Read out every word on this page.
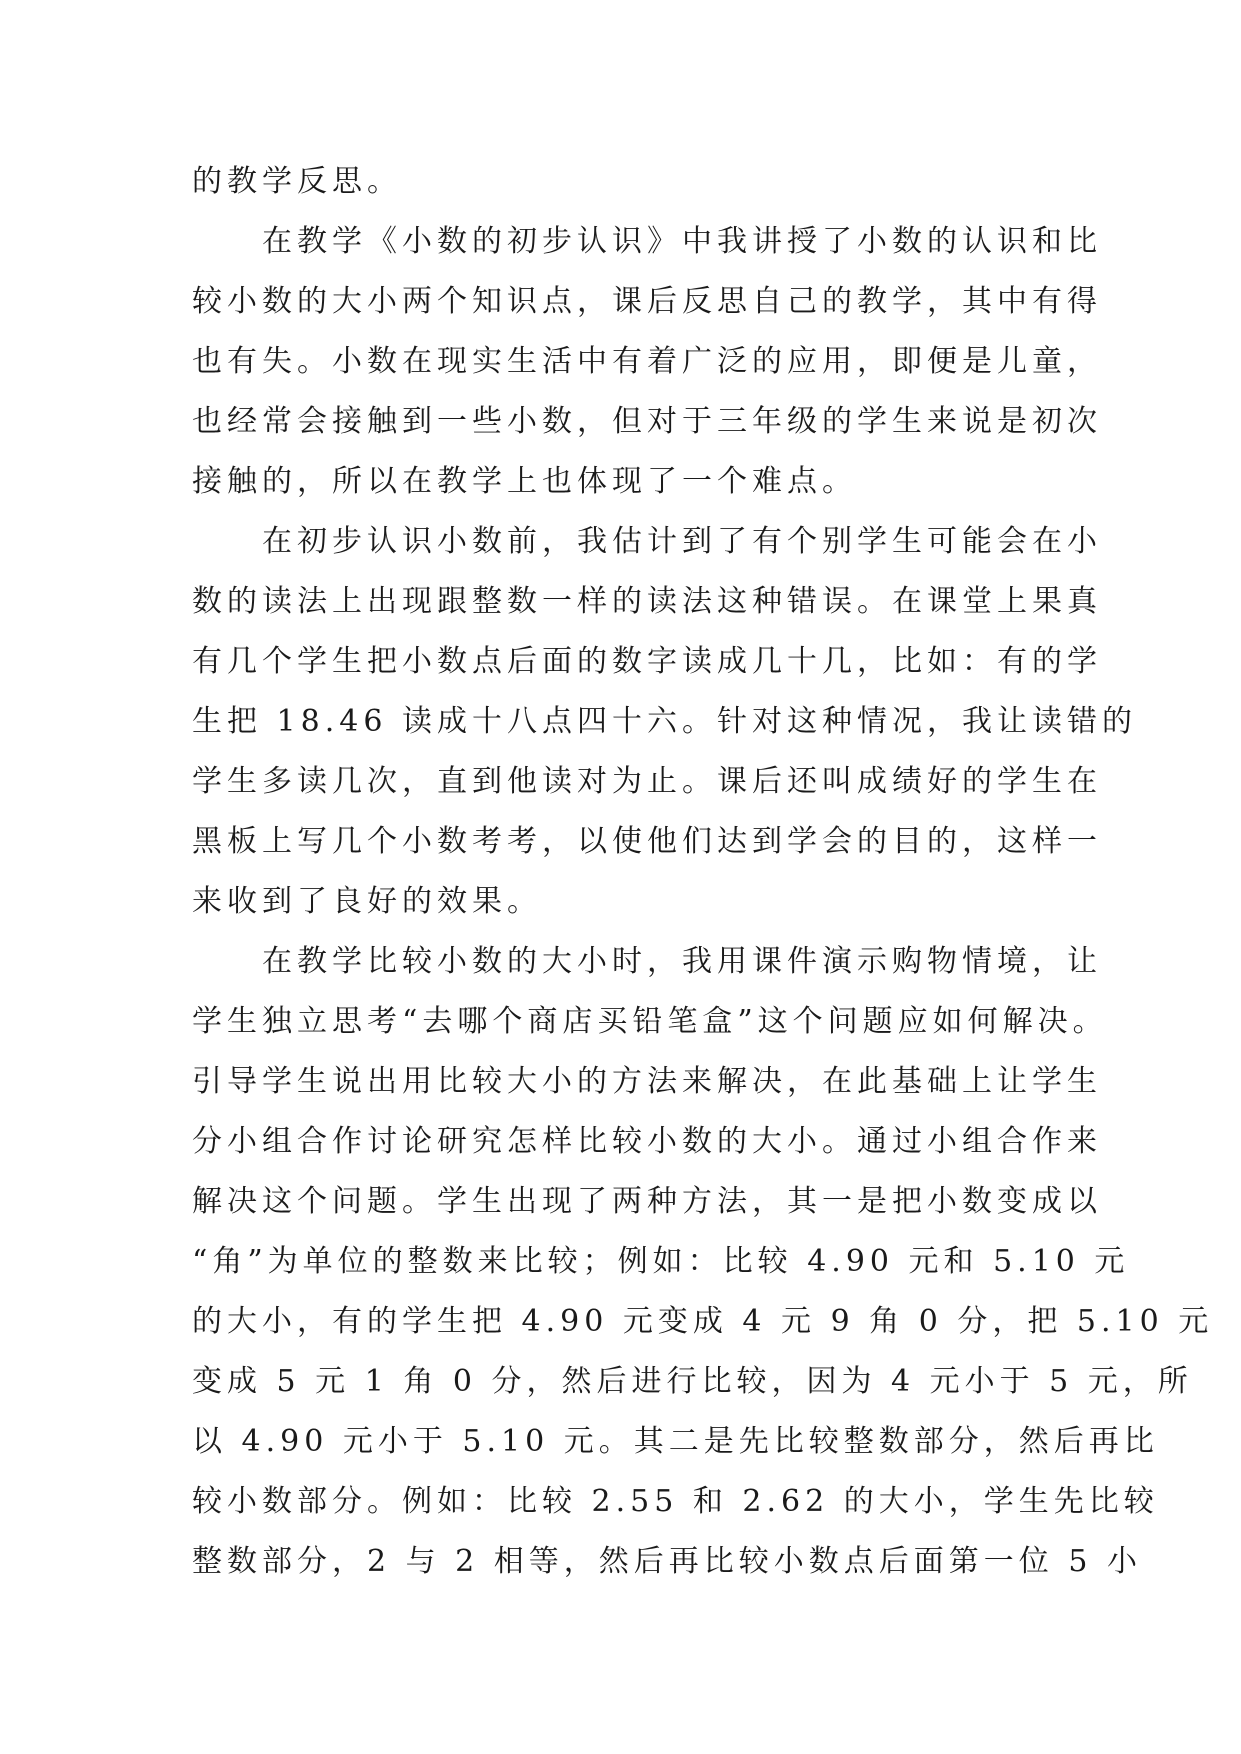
的教学反思。
　　在教学《小数的初步认识》中我讲授了小数的认识和比
较小数的大小两个知识点，课后反思自己的教学，其中有得
也有失。小数在现实生活中有着广泛的应用，即便是儿童，
也经常会接触到一些小数，但对于三年级的学生来说是初次
接触的，所以在教学上也体现了一个难点。
　　在初步认识小数前，我估计到了有个别学生可能会在小
数的读法上出现跟整数一样的读法这种错误。在课堂上果真
有几个学生把小数点后面的数字读成几十几，比如：有的学
生把 18.46 读成十八点四十六。针对这种情况，我让读错的
学生多读几次，直到他读对为止。课后还叫成绩好的学生在
黑板上写几个小数考考，以使他们达到学会的目的，这样一
来收到了良好的效果。
　　在教学比较小数的大小时，我用课件演示购物情境，让
学生独立思考“去哪个商店买铅笔盒”这个问题应如何解决。
引导学生说出用比较大小的方法来解决，在此基础上让学生
分小组合作讨论研究怎样比较小数的大小。通过小组合作来
解决这个问题。学生出现了两种方法，其一是把小数变成以
“角”为单位的整数来比较；例如：比较 4.90 元和 5.10 元
的大小，有的学生把 4.90 元变成 4 元 9 角 0 分，把 5.10 元
变成 5 元 1 角 0 分，然后进行比较，因为 4 元小于 5 元，所
以 4.90 元小于 5.10 元。其二是先比较整数部分，然后再比
较小数部分。例如：比较 2.55 和 2.62 的大小，学生先比较
整数部分，2 与 2 相等，然后再比较小数点后面第一位 5 小
